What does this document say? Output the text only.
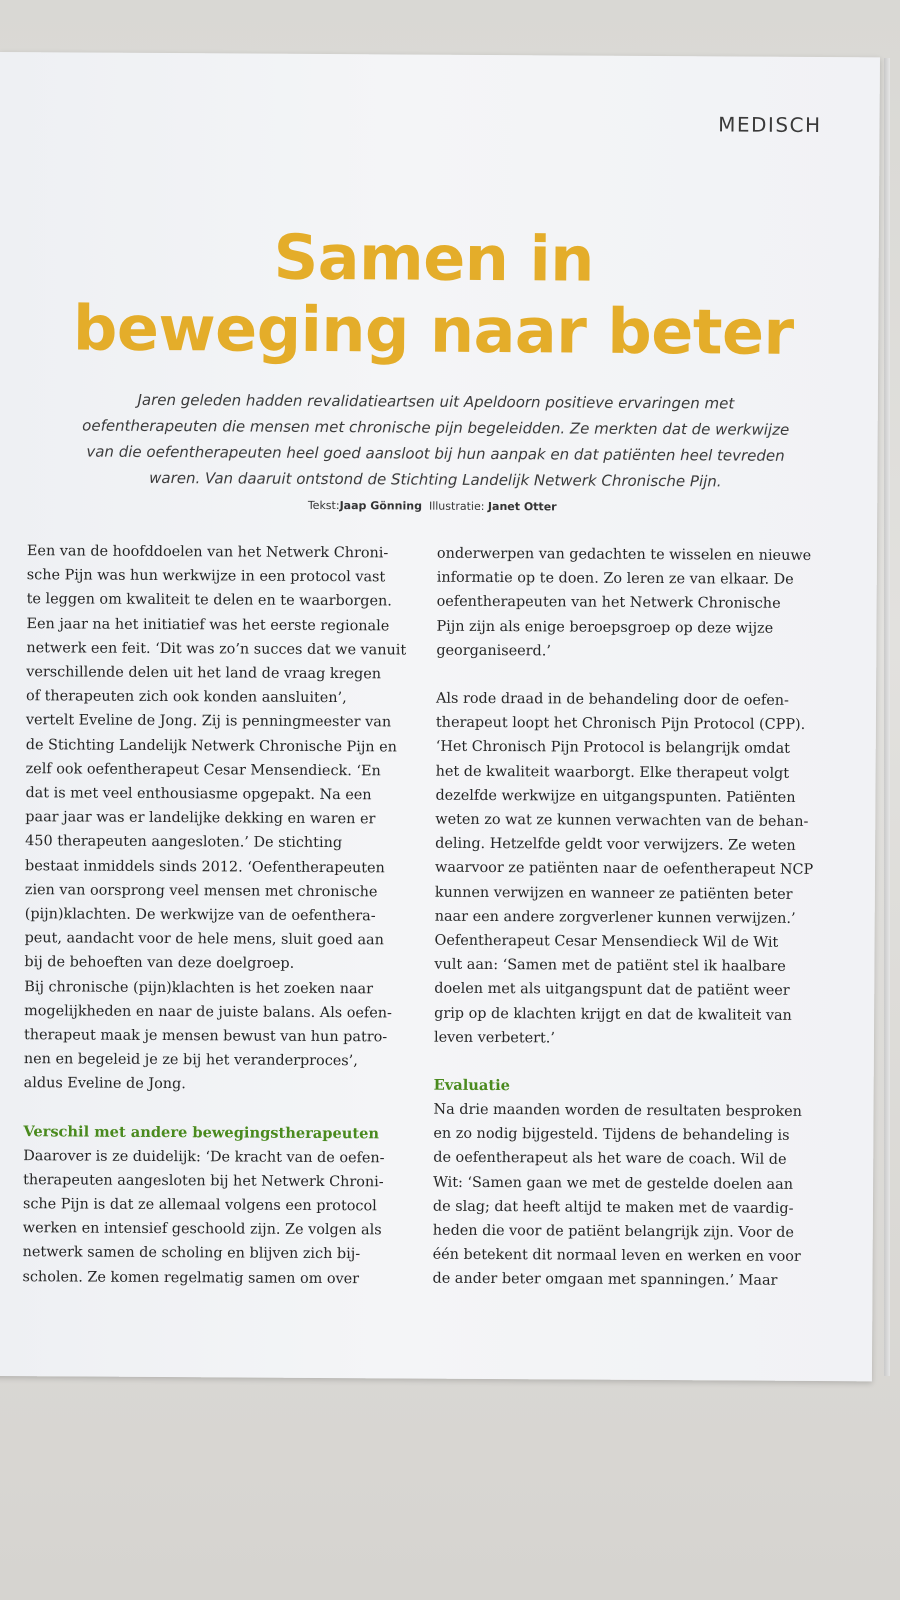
MEDISCH
Samen in
beweging naar beter
Jaren geleden hadden revalidatieartsen uit Apeldoorn positieve ervaringen met
oefentherapeuten die mensen met chronische pijn begeleidden. Ze merkten dat de werkwijze
van die oefentherapeuten heel goed aansloot bij hun aanpak en dat patiënten heel tevreden
waren. Van daaruit ontstond de Stichting Landelijk Netwerk Chronische Pijn.
Tekst:Jaap Gönning Illustratie: Janet Otter

Een van de hoofddoelen van het Netwerk Chroni-
sche Pijn was hun werkwijze in een protocol vast
te leggen om kwaliteit te delen en te waarborgen.
Een jaar na het initiatief was het eerste regionale
netwerk een feit. ‘Dit was zo’n succes dat we vanuit
verschillende delen uit het land de vraag kregen
of therapeuten zich ook konden aansluiten’,
vertelt Eveline de Jong. Zij is penningmeester van
de Stichting Landelijk Netwerk Chronische Pijn en
zelf ook oefentherapeut Cesar Mensendieck. ‘En
dat is met veel enthousiasme opgepakt. Na een
paar jaar was er landelijke dekking en waren er
450 therapeuten aangesloten.’ De stichting
bestaat inmiddels sinds 2012. ‘Oefentherapeuten
zien van oorsprong veel mensen met chronische
(pijn)klachten. De werkwijze van de oefenthera-
peut, aandacht voor de hele mens, sluit goed aan
bij de behoeften van deze doelgroep.
Bij chronische (pijn)klachten is het zoeken naar
mogelijkheden en naar de juiste balans. Als oefen-
therapeut maak je mensen bewust van hun patro-
nen en begeleid je ze bij het veranderproces’,
aldus Eveline de Jong.

Verschil met andere bewegingstherapeuten

Daarover is ze duidelijk: ‘De kracht van de oefen-
therapeuten aangesloten bij het Netwerk Chroni-
sche Pijn is dat ze allemaal volgens een protocol
werken en intensief geschoold zijn. Ze volgen als
netwerk samen de scholing en blijven zich bij-
scholen. Ze komen regelmatig samen om over

onderwerpen van gedachten te wisselen en nieuwe
informatie op te doen. Zo leren ze van elkaar. De
oefentherapeuten van het Netwerk Chronische
Pijn zijn als enige beroepsgroep op deze wijze
georganiseerd.’

Als rode draad in de behandeling door de oefen-
therapeut loopt het Chronisch Pijn Protocol (CPP).
‘Het Chronisch Pijn Protocol is belangrijk omdat
het de kwaliteit waarborgt. Elke therapeut volgt
dezelfde werkwijze en uitgangspunten. Patiënten
weten zo wat ze kunnen verwachten van de behan-
deling. Hetzelfde geldt voor verwijzers. Ze weten
waarvoor ze patiënten naar de oefentherapeut NCP
kunnen verwijzen en wanneer ze patiënten beter
naar een andere zorgverlener kunnen verwijzen.’
Oefentherapeut Cesar Mensendieck Wil de Wit
vult aan: ‘Samen met de patiënt stel ik haalbare
doelen met als uitgangspunt dat de patiënt weer
grip op de klachten krijgt en dat de kwaliteit van
leven verbetert.’

Evaluatie

Na drie maanden worden de resultaten besproken
en zo nodig bijgesteld. Tijdens de behandeling is
de oefentherapeut als het ware de coach. Wil de
Wit: ‘Samen gaan we met de gestelde doelen aan
de slag; dat heeft altijd te maken met de vaardig-
heden die voor de patiënt belangrijk zijn. Voor de
één betekent dit normaal leven en werken en voor
de ander beter omgaan met spanningen.’ Maar
